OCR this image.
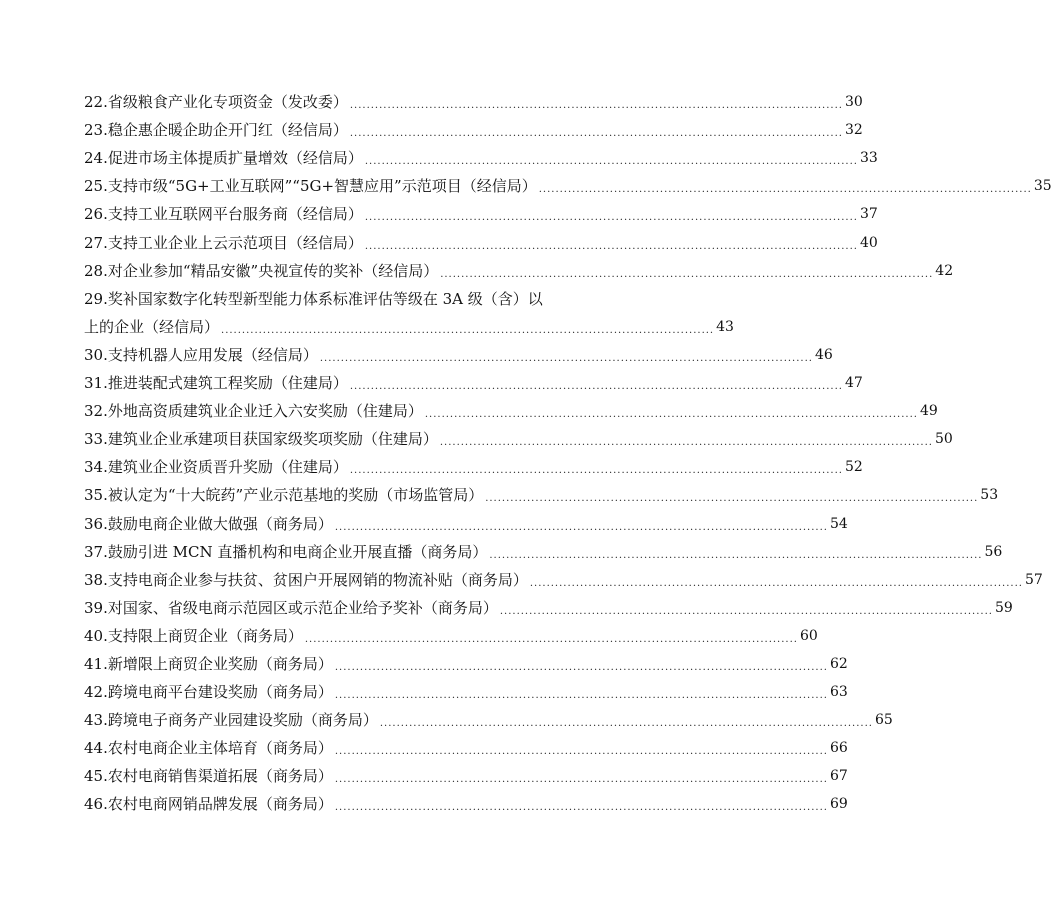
22.省级粮食产业化专项资金（发改委） ...................................................................................................................... 30
23.稳企惠企暖企助企开门红（经信局） ...................................................................................................................... 32
24.促进市场主体提质扩量增效（经信局） ...................................................................................................................... 33
25.支持市级“5G+工业互联网”“5G+智慧应用”示范项目（经信局） ...................................................................................................................... 35
26.支持工业互联网平台服务商（经信局） ...................................................................................................................... 37
27.支持工业企业上云示范项目（经信局） ...................................................................................................................... 40
28.对企业参加“精品安徽”央视宣传的奖补（经信局） ...................................................................................................................... 42
29.奖补国家数字化转型新型能力体系标准评估等级在 3A 级（含）以
上的企业（经信局） ...................................................................................................................... 43
30.支持机器人应用发展（经信局） ...................................................................................................................... 46
31.推进装配式建筑工程奖励（住建局） ...................................................................................................................... 47
32.外地高资质建筑业企业迁入六安奖励（住建局） ...................................................................................................................... 49
33.建筑业企业承建项目获国家级奖项奖励（住建局） ...................................................................................................................... 50
34.建筑业企业资质晋升奖励（住建局） ...................................................................................................................... 52
35.被认定为“十大皖药”产业示范基地的奖励（市场监管局） ...................................................................................................................... 53
36.鼓励电商企业做大做强（商务局） ...................................................................................................................... 54
37.鼓励引进 MCN 直播机构和电商企业开展直播（商务局） ...................................................................................................................... 56
38.支持电商企业参与扶贫、贫困户开展网销的物流补贴（商务局） ...................................................................................................................... 57
39.对国家、省级电商示范园区或示范企业给予奖补（商务局） ...................................................................................................................... 59
40.支持限上商贸企业（商务局） ...................................................................................................................... 60
41.新增限上商贸企业奖励（商务局） ...................................................................................................................... 62
42.跨境电商平台建设奖励（商务局） ...................................................................................................................... 63
43.跨境电子商务产业园建设奖励（商务局） ...................................................................................................................... 65
44.农村电商企业主体培育（商务局） ...................................................................................................................... 66
45.农村电商销售渠道拓展（商务局） ...................................................................................................................... 67
46.农村电商网销品牌发展（商务局） ...................................................................................................................... 69
